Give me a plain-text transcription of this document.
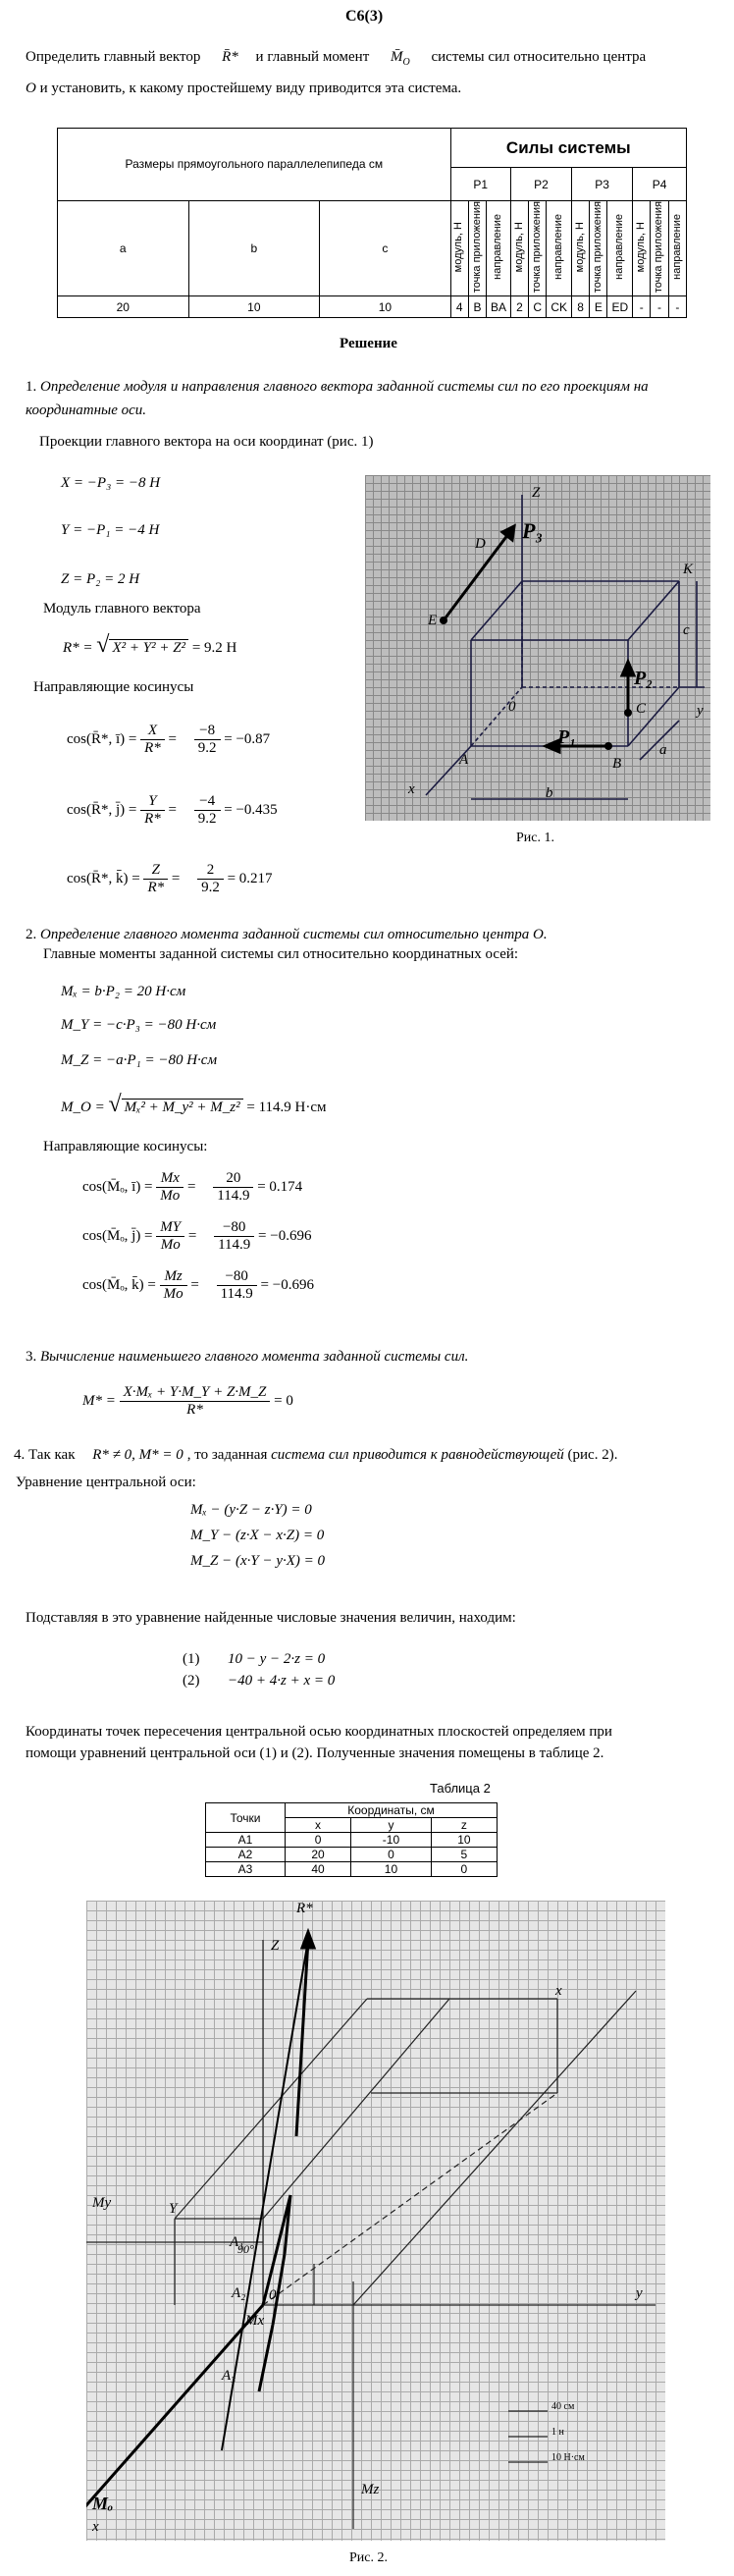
С6(3)
Определить главный вектор R̄* и главный момент $M̄_O$ системы сил относительно центра
O и установить, к какому простейшему виду приводится эта система.
Размеры прямоугольного параллелепипеда см			Силы системы											
			P1			P2			P3			P4		
a	b	c	модуль, Н	точка приложения	направление	модуль, Н	точка приложения	направление	модуль, Н	точка приложения	направление	модуль, Н	точка приложения	направление
20	10	10	4	B	BA	2	C	CK	8	E	ED	-	-	-
Решение
1. Определение модуля и направления главного вектора заданной системы сил по его проекциям на координатные оси.
Проекции главного вектора на оси координат (рис. 1)
X = −P₃ = −8 Н
Y = −P₁ = −4 Н
Z = P₂ = 2 Н
Модуль главного вектора
R* = √ X² + Y² + Z² = 9.2 Н
Направляющие косинусы
cos(R̄*, ī) = $\frac{X}{R*} = \frac{-8}{9.2} = -0.87$
cos(R̄*, j̄) = $\frac{Y}{R*} = \frac{-4}{9.2} = -0.435$
cos(R̄*, k̄) = $\frac{Z}{R*} = \frac{2}{9.2} = 0.217$
Z
D
P₃
K
E
0
P₂
y
C
A
P₁
B
a
x	b
c
Рис. 1.
2. Определение главного момента заданной системы сил относительно центра О.
Главные моменты заданной системы сил относительно координатных осей:
Mₓ = b·P₂ = 20 Н·см
M_Y = −c·P₃ = −80 Н·см
M_Z = −a·P₁ = −80 Н·см
M_O = √ Mₓ² + M_y² + M_z² = 114.9 Н·см
Направляющие косинусы:
cos(M̄ₒ, ī) = $\frac{Mx}{Mo} = \frac{20}{114.9} = 0.174$
cos(M̄ₒ, j̄) = $\frac{MY}{Mo} = \frac{-80}{114.9} = -0.696$
cos(M̄ₒ, k̄) = $\frac{Mz}{Mo} = \frac{-80}{114.9} = -0.696$
3. Вычисление наименьшего главного момента заданной системы сил.
$M* = \frac{\text{X·Mₓ + Y·M\_Y + Z·M\_Z}}{R*} = 0$
4. Так как R* ≠ 0, M* = 0 , то заданная система сил приводится к равнодействующей (рис. 2).
Уравнение центральной оси:
Mₓ − (y·Z − z·Y) = 0
M_Y − (z·X − x·Z) = 0
M_Z − (x·Y − y·X) = 0
Подставляя в это уравнение найденные числовые значения величин, находим:
(1) 10 − y − 2·z = 0
(2) −40 + 4·z + x = 0
Координаты точек пересечения центральной осью координатных плоскостей определяем при
помощи уравнений центральной оси (1) и (2). Полученные значения помещены в таблице 2.
Таблица 2
Точки	Координаты, см		
	x	y	z
A1	0	-10	10
A2	20	0	5
A3	40	10	0
R*
Z
x
My	Y
A₁
A₂
Mx
0
90°
y
A₃
Mz
Mₒ
x
40 см
1 н
10 Н·см
Рис. 2.
